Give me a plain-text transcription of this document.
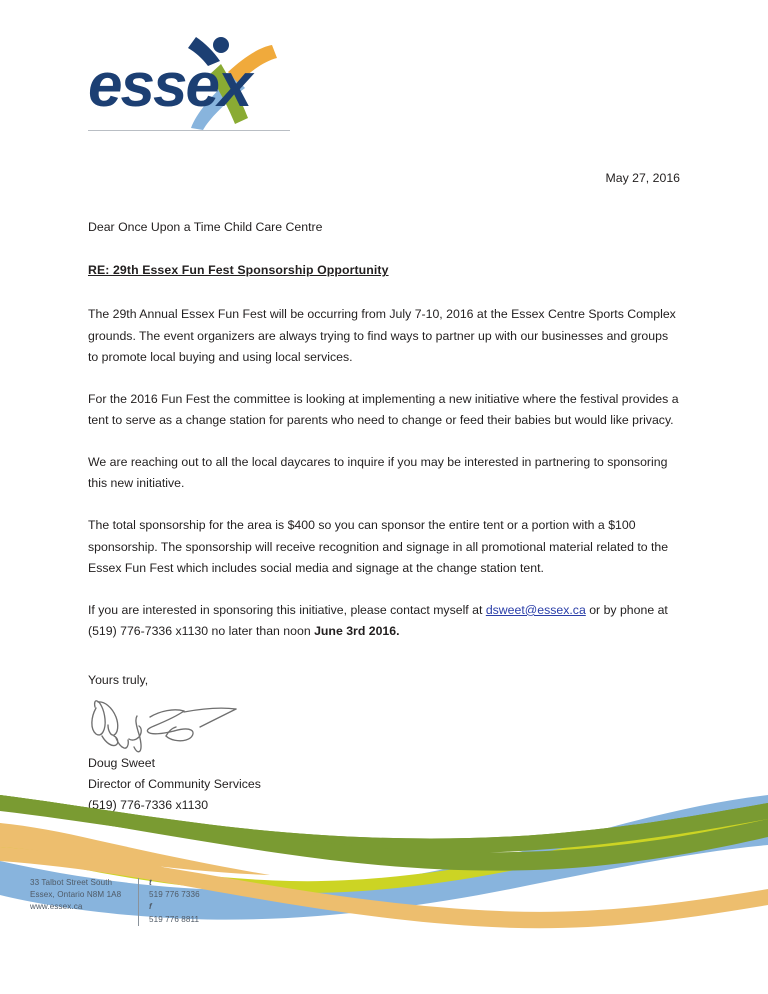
essex

May 27, 2016

Dear Once Upon a Time Child Care Centre

RE: 29th Essex Fun Fest Sponsorship Opportunity

The 29th Annual Essex Fun Fest will be occurring from July 7-10, 2016 at the Essex Centre Sports Complex grounds. The event organizers are always trying to find ways to partner up with our businesses and groups to promote local buying and using local services.

For the 2016 Fun Fest the committee is looking at implementing a new initiative where the festival provides a tent to serve as a change station for parents who need to change or feed their babies but would like privacy.

We are reaching out to all the local daycares to inquire if you may be interested in partnering to sponsoring this new initiative.

The total sponsorship for the area is $400 so you can sponsor the entire tent or a portion with a $100 sponsorship. The sponsorship will receive recognition and signage in all promotional material related to the Essex Fun Fest which includes social media and signage at the change station tent.

If you are interested in sponsoring this initiative, please contact myself at dsweet@essex.ca or by phone at (519) 776-7336 x1130 no later than noon June 3rd 2016.

Yours truly,

Doug Sweet
Director of Community Services
(519) 776-7336 x1130

33 Talbot Street South
Essex, Ontario N8M 1A8
www.essex.ca
t
519 776 7336
f
519 776 8811
